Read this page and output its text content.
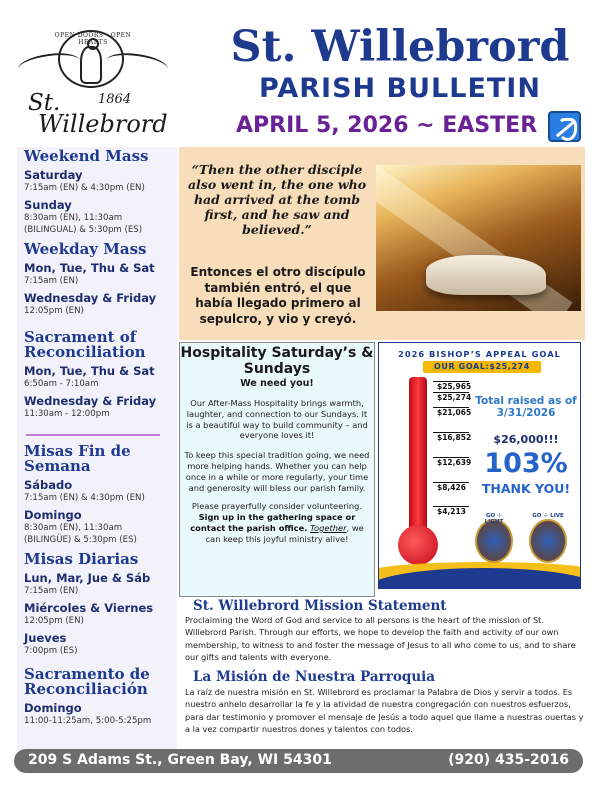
OPEN DOORS · OPEN HEARTS
St.	1864
Willebrord
St. Willebrord
PARISH BULLETIN
APRIL 5, 2026 ~ EASTER
Weekend Mass
Saturday
7:15am (EN) & 4:30pm (EN)
Sunday
8:30am (EN), 11:30am (BILINGUAL) & 5:30pm (ES)
Weekday Mass
Mon, Tue, Thu & Sat
7:15am (EN)
Wednesday & Friday
12:05pm (EN)
Sacrament of Reconciliation
Mon, Tue, Thu & Sat
6:50am - 7:10am
Wednesday & Friday
11:30am - 12:00pm
Misas Fin de Semana
Sábado
7:15am (EN) & 4:30pm (EN)
Domingo
8:30am (EN), 11:30am (BILINGÜE) & 5:30pm (ES)
Misas Diarias
Lun, Mar, Jue & Sáb
7:15am (EN)
Miércoles & Viernes
12:05pm (EN)
Jueves
7:00pm (ES)
Sacramento de Reconciliación
Domingo
11:00-11:25am, 5:00-5:25pm
“Then the other disciple also went in, the one who had arrived at the tomb first, and he saw and believed.”
Entonces el otro discípulo también entró, el que había llegado primero al sepulcro, y vio y creyó.
Hospitality Saturday’s & Sundays
We need you!

Our After-Mass Hospitality brings warmth, laughter, and connection to our Sundays. It is a beautiful way to build community – and everyone loves it!

To keep this special tradition going, we need more helping hands. Whether you can help once in a while or more regularly, your time and generosity will bless our parish family.

Please prayerfully consider volunteering. Sign up in the gathering space or contact the parish office. Together, we can keep this joyful ministry alive!

2026 BISHOP’S APPEAL GOAL
OUR GOAL:$25,274
$25,965
$25,274
$21,065
$16,852
$12,639
$8,426
$4,213
Total raised as of 3/31/2026
$26,000!!!
103%
THANK YOU!
GO ☩ LIGHT
GO ☩ LIVE
St. Willebrord Mission Statement
Proclaiming the Word of God and service to all persons is the heart of the mission of St. Willebrord Parish. Through our efforts, we hope to develop the faith and activity of our own membership, to witness to and foster the message of Jesus to all who come to us, and to share our gifts and talents with everyone.
La Misión de Nuestra Parroquia
La raíz de nuestra misión en St. Willebrord es proclamar la Palabra de Dios y servir a todos. Es nuestro anhelo desarrollar la fe y la atividad de nuestra congregación con nuestros esfuerzos, para dar testimonio y promover el mensaje de Jesús a todo aquel que llame a nuestras ouertas y a la vez compartir nuestros dones y talentos con todos.
209 S Adams St., Green Bay, WI 54301	(920) 435-2016
